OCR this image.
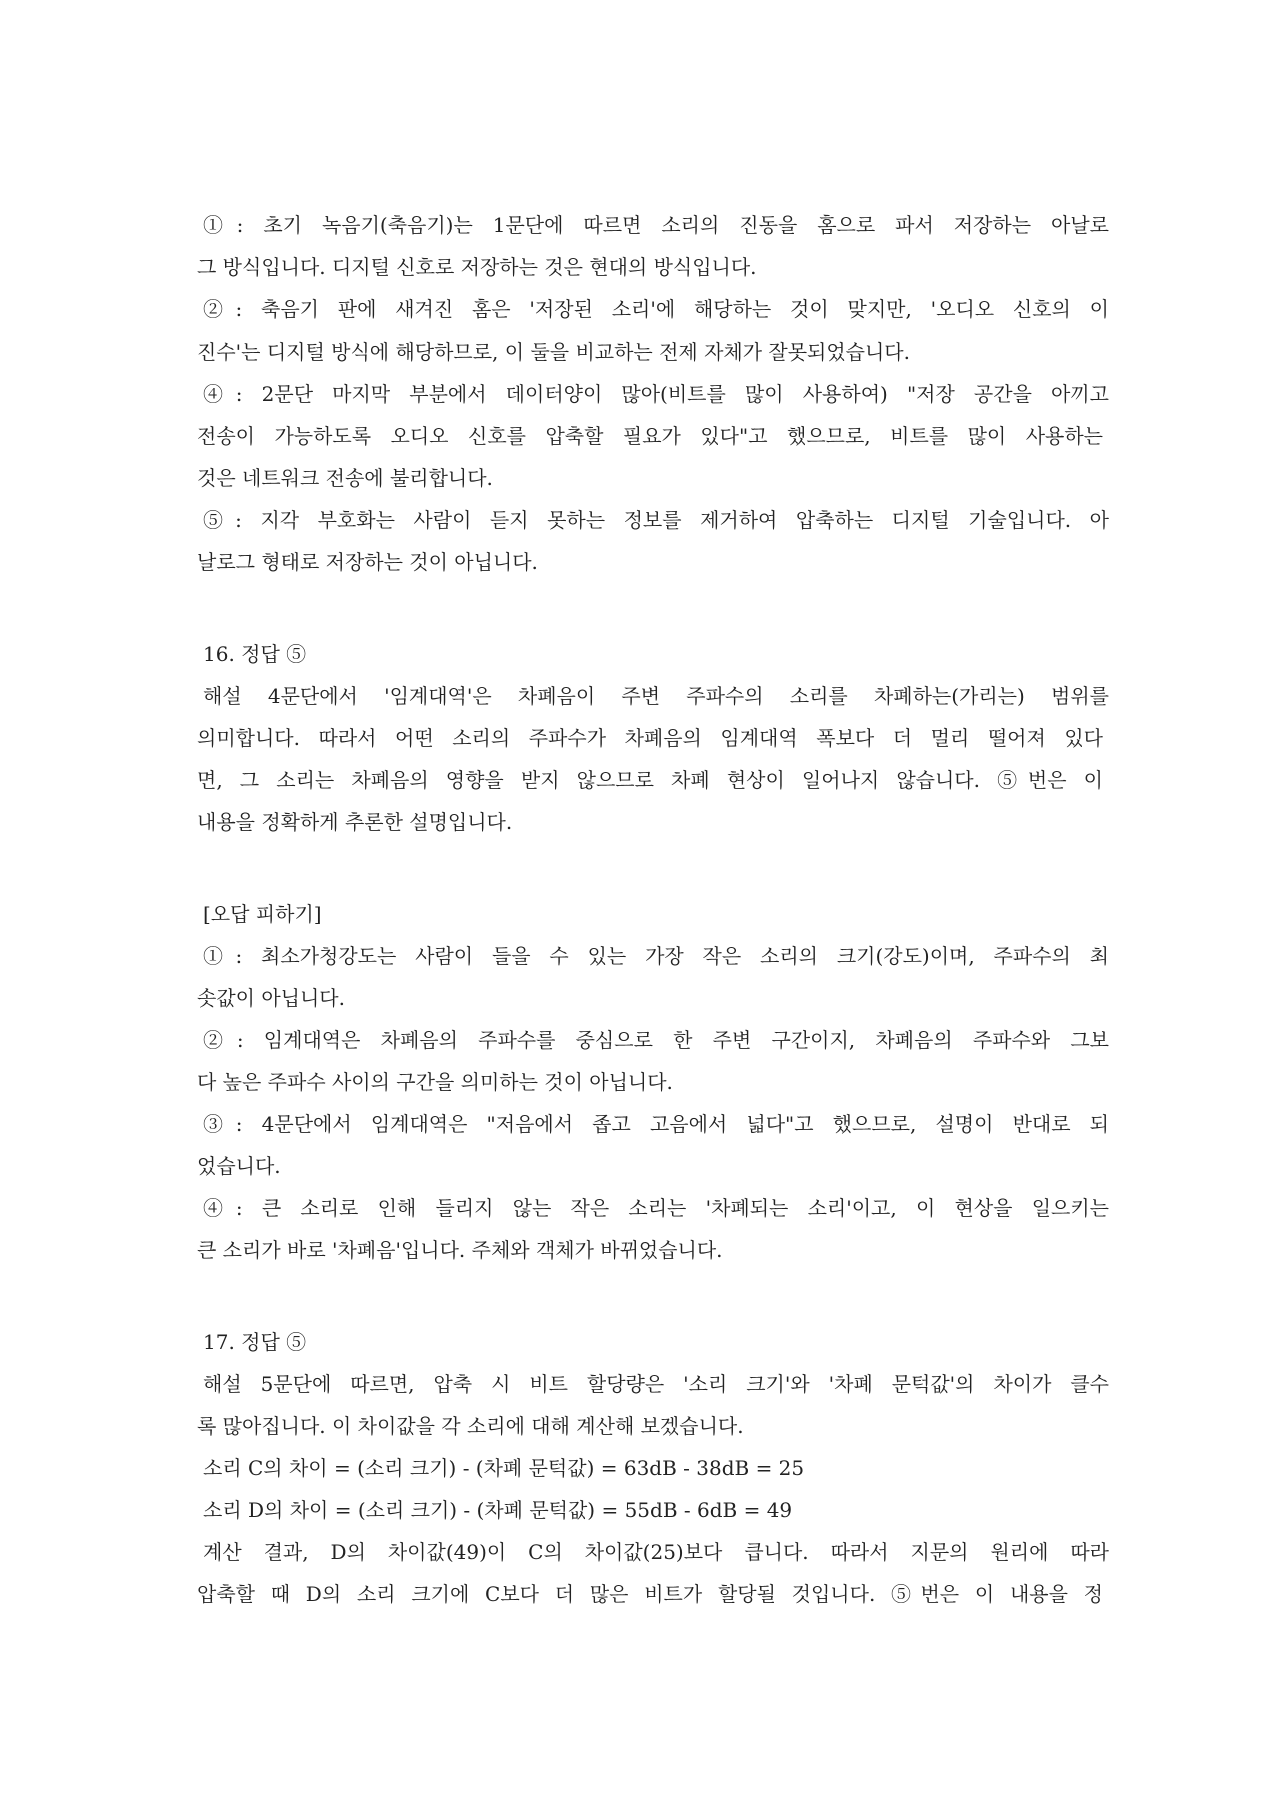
①: 초기 녹음기(축음기)는 1문단에 따르면 소리의 진동을 홈으로 파서 저장하는 아날로
그 방식입니다. 디지털 신호로 저장하는 것은 현대의 방식입니다.
②: 축음기 판에 새겨진 홈은 '저장된 소리'에 해당하는 것이 맞지만, '오디오 신호의 이
진수'는 디지털 방식에 해당하므로, 이 둘을 비교하는 전제 자체가 잘못되었습니다.
④: 2문단 마지막 부분에서 데이터양이 많아(비트를 많이 사용하여) "저장 공간을 아끼고
전송이 가능하도록 오디오 신호를 압축할 필요가 있다"고 했으므로, 비트를 많이 사용하는
것은 네트워크 전송에 불리합니다.
⑤: 지각 부호화는 사람이 듣지 못하는 정보를 제거하여 압축하는 디지털 기술입니다. 아
날로그 형태로 저장하는 것이 아닙니다.
16. 정답 ⑤
해설 4문단에서 '임계대역'은 차폐음이 주변 주파수의 소리를 차폐하는(가리는) 범위를
의미합니다. 따라서 어떤 소리의 주파수가 차폐음의 임계대역 폭보다 더 멀리 떨어져 있다
면, 그 소리는 차폐음의 영향을 받지 않으므로 차폐 현상이 일어나지 않습니다. ⑤번은 이
내용을 정확하게 추론한 설명입니다.
[오답 피하기]
①: 최소가청강도는 사람이 들을 수 있는 가장 작은 소리의 크기(강도)이며, 주파수의 최
솟값이 아닙니다.
②: 임계대역은 차폐음의 주파수를 중심으로 한 주변 구간이지, 차폐음의 주파수와 그보
다 높은 주파수 사이의 구간을 의미하는 것이 아닙니다.
③: 4문단에서 임계대역은 "저음에서 좁고 고음에서 넓다"고 했으므로, 설명이 반대로 되
었습니다.
④: 큰 소리로 인해 들리지 않는 작은 소리는 '차폐되는 소리'이고, 이 현상을 일으키는
큰 소리가 바로 '차폐음'입니다. 주체와 객체가 바뀌었습니다.
17. 정답 ⑤
해설 5문단에 따르면, 압축 시 비트 할당량은 '소리 크기'와 '차폐 문턱값'의 차이가 클수
록 많아집니다. 이 차이값을 각 소리에 대해 계산해 보겠습니다.
소리 C의 차이 = (소리 크기) - (차폐 문턱값) = 63dB - 38dB = 25
소리 D의 차이 = (소리 크기) - (차폐 문턱값) = 55dB - 6dB = 49
계산 결과, D의 차이값(49)이 C의 차이값(25)보다 큽니다. 따라서 지문의 원리에 따라
압축할 때 D의 소리 크기에 C보다 더 많은 비트가 할당될 것입니다. ⑤번은 이 내용을 정
